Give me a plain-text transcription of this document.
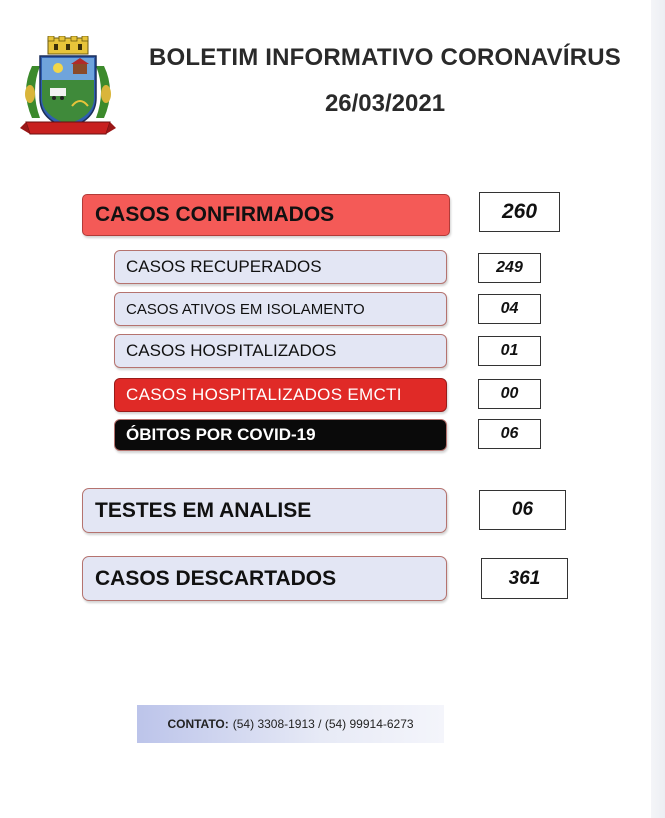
BOLETIM INFORMATIVO CORONAVÍRUS
26/03/2021
CASOS CONFIRMADOS	260
CASOS RECUPERADOS	249
CASOS ATIVOS EM ISOLAMENTO	04
CASOS HOSPITALIZADOS	01
CASOS HOSPITALIZADOS EMCTI	00
ÓBITOS POR COVID-19	06
TESTES EM ANALISE	06
CASOS DESCARTADOS	361
CONTATO: (54) 3308-1913 / (54) 99914-6273
